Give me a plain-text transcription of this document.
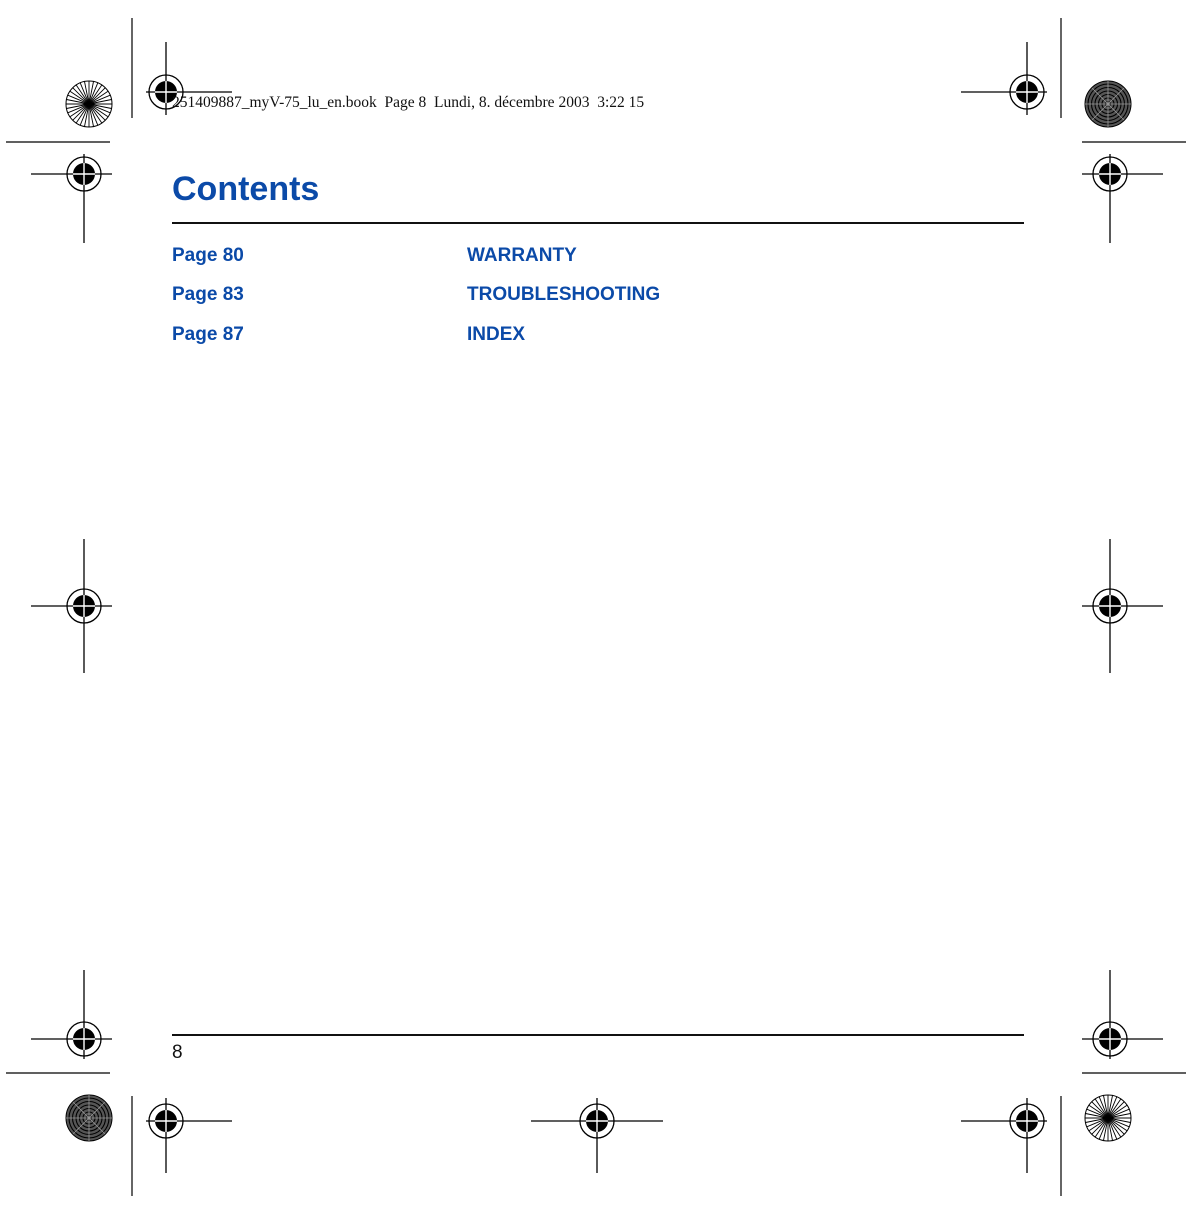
251409887_myV-75_lu_en.book  Page 8  Lundi, 8. décembre 2003  3:22 15
Contents
Page 80	WARRANTY
Page 83	TROUBLESHOOTING
Page 87	INDEX
8
